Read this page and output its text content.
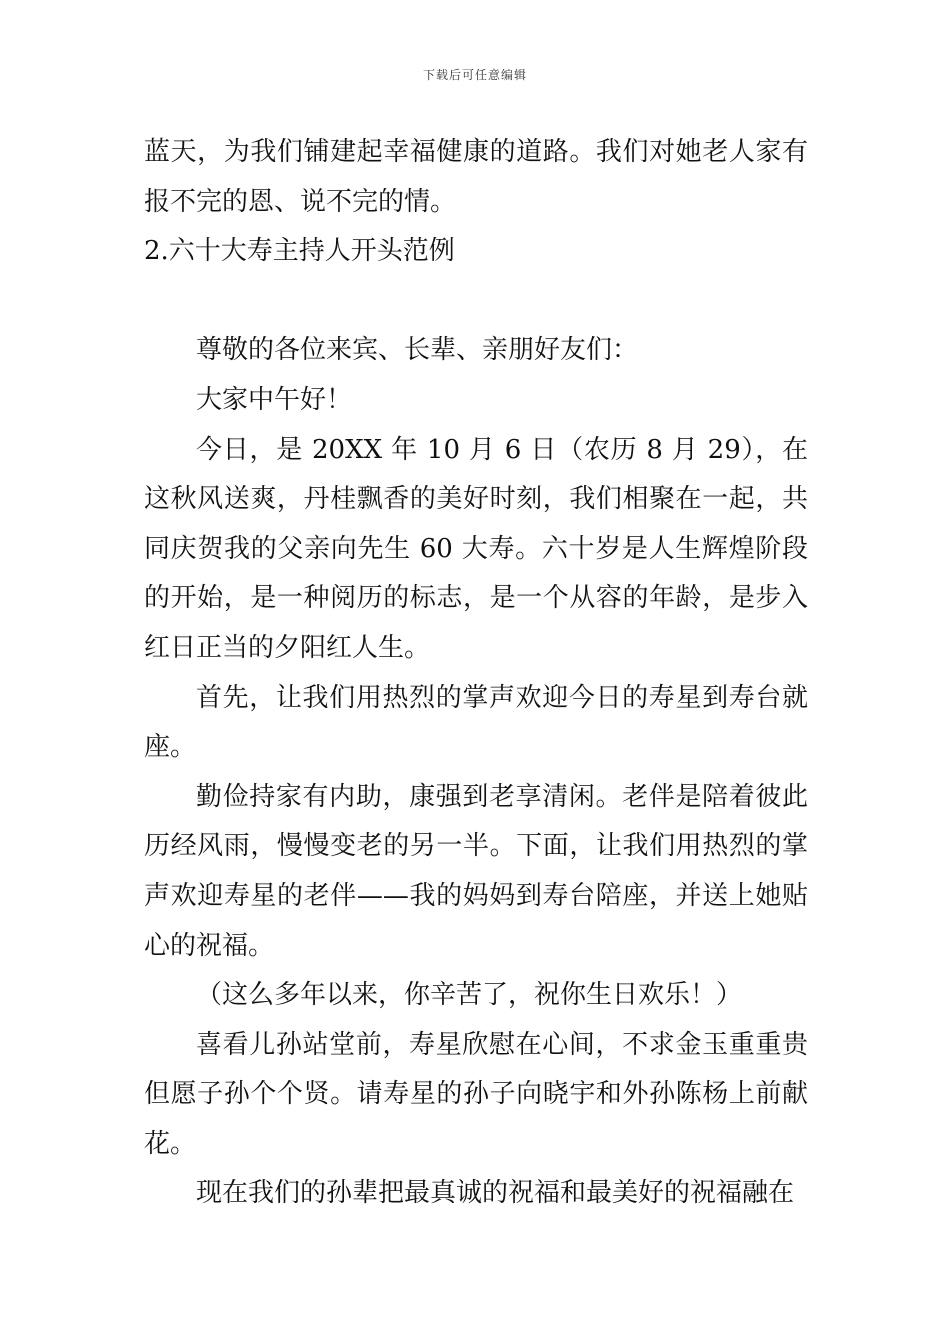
下载后可任意编辑

蓝天，为我们铺建起幸福健康的道路。我们对她老人家有报不完的恩、说不完的情。

2.六十大寿主持人开头范例

尊敬的各位来宾、长辈、亲朋好友们：

大家中午好！

今日，是 20XX 年 10 月 6 日（农历 8 月 29），在这秋风送爽，丹桂飘香的美好时刻，我们相聚在一起，共同庆贺我的父亲向先生 60 大寿。六十岁是人生辉煌阶段的开始，是一种阅历的标志，是一个从容的年龄，是步入红日正当的夕阳红人生。

首先，让我们用热烈的掌声欢迎今日的寿星到寿台就座。

勤俭持家有内助，康强到老享清闲。老伴是陪着彼此历经风雨，慢慢变老的另一半。下面，让我们用热烈的掌声欢迎寿星的老伴——我的妈妈到寿台陪座，并送上她贴心的祝福。

（这么多年以来，你辛苦了，祝你生日欢乐！）

喜看儿孙站堂前，寿星欣慰在心间，不求金玉重重贵但愿子孙个个贤。请寿星的孙子向晓宇和外孙陈杨上前献花。

现在我们的孙辈把最真诚的祝福和最美好的祝福融在
